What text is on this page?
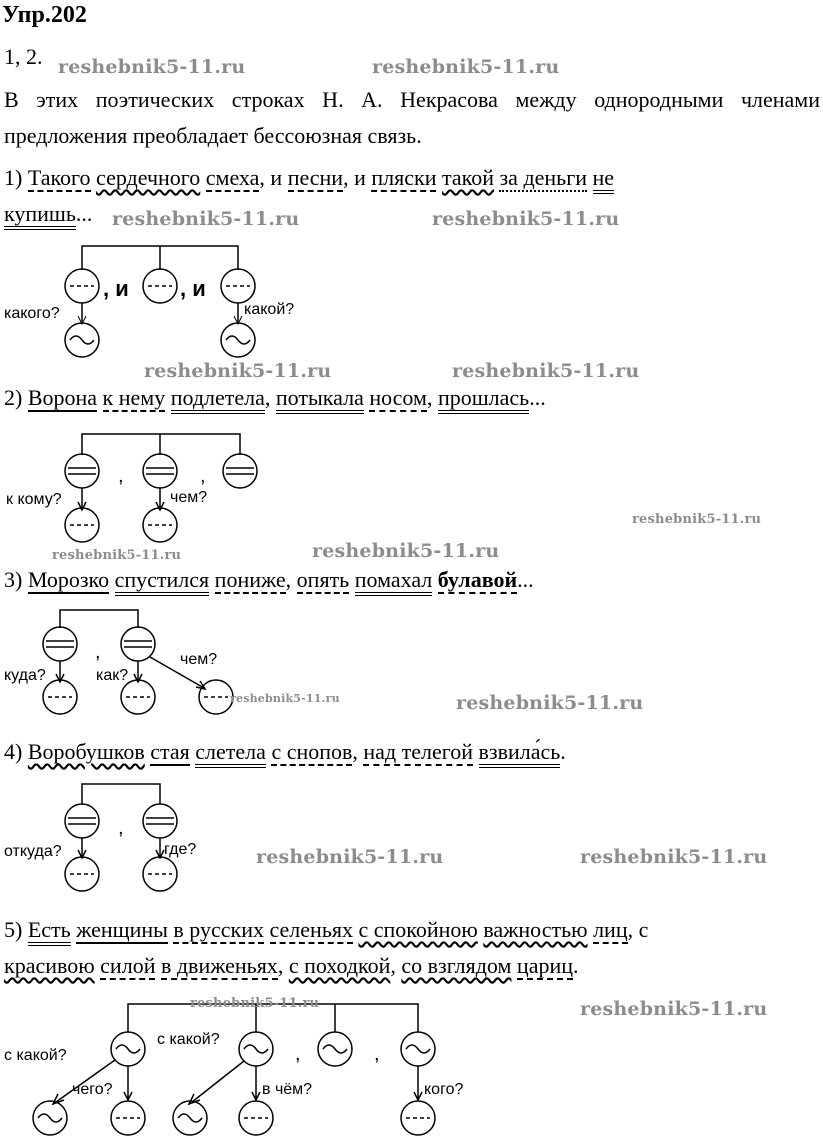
Упр.202
1, 2.
В этих поэтических строках Н. А. Некрасова между однородными членами предложения преобладает бессоюзная связь.
1) Такого сердечного смеха, и песни, и пляски такой за деньги не
купишь...
, и , и
какого?	какой?
2) Ворона к нему подлетела, потыкала носом, прошлась...
,	,
к кому?	чем?
3) Морозко спустился пониже, опять помахал булавой...
,
куда?	как?
чем?
4) Воробушков стая слетела с снопов, над телегой взвила́сь.
,
откуда?	где?
5) Есть женщины в русских селеньях с спокойною важностью лиц, с
красивою силой в движеньях, с походкой, со взглядом цариц.
,	,
с какой?
чего?
с какой?
в чём?	кого?
reshebnik5-11.ru	reshebnik5-11.ru
reshebnik5-11.ru	reshebnik5-11.ru
reshebnik5-11.ru	reshebnik5-11.ru
reshebnik5-11.ru
reshebnik5-11.ru	reshebnik5-11.ru
reshebnik5-11.ru	reshebnik5-11.ru
reshebnik5-11.ru	reshebnik5-11.ru
reshebnik5-11.ru	reshebnik5-11.ru
